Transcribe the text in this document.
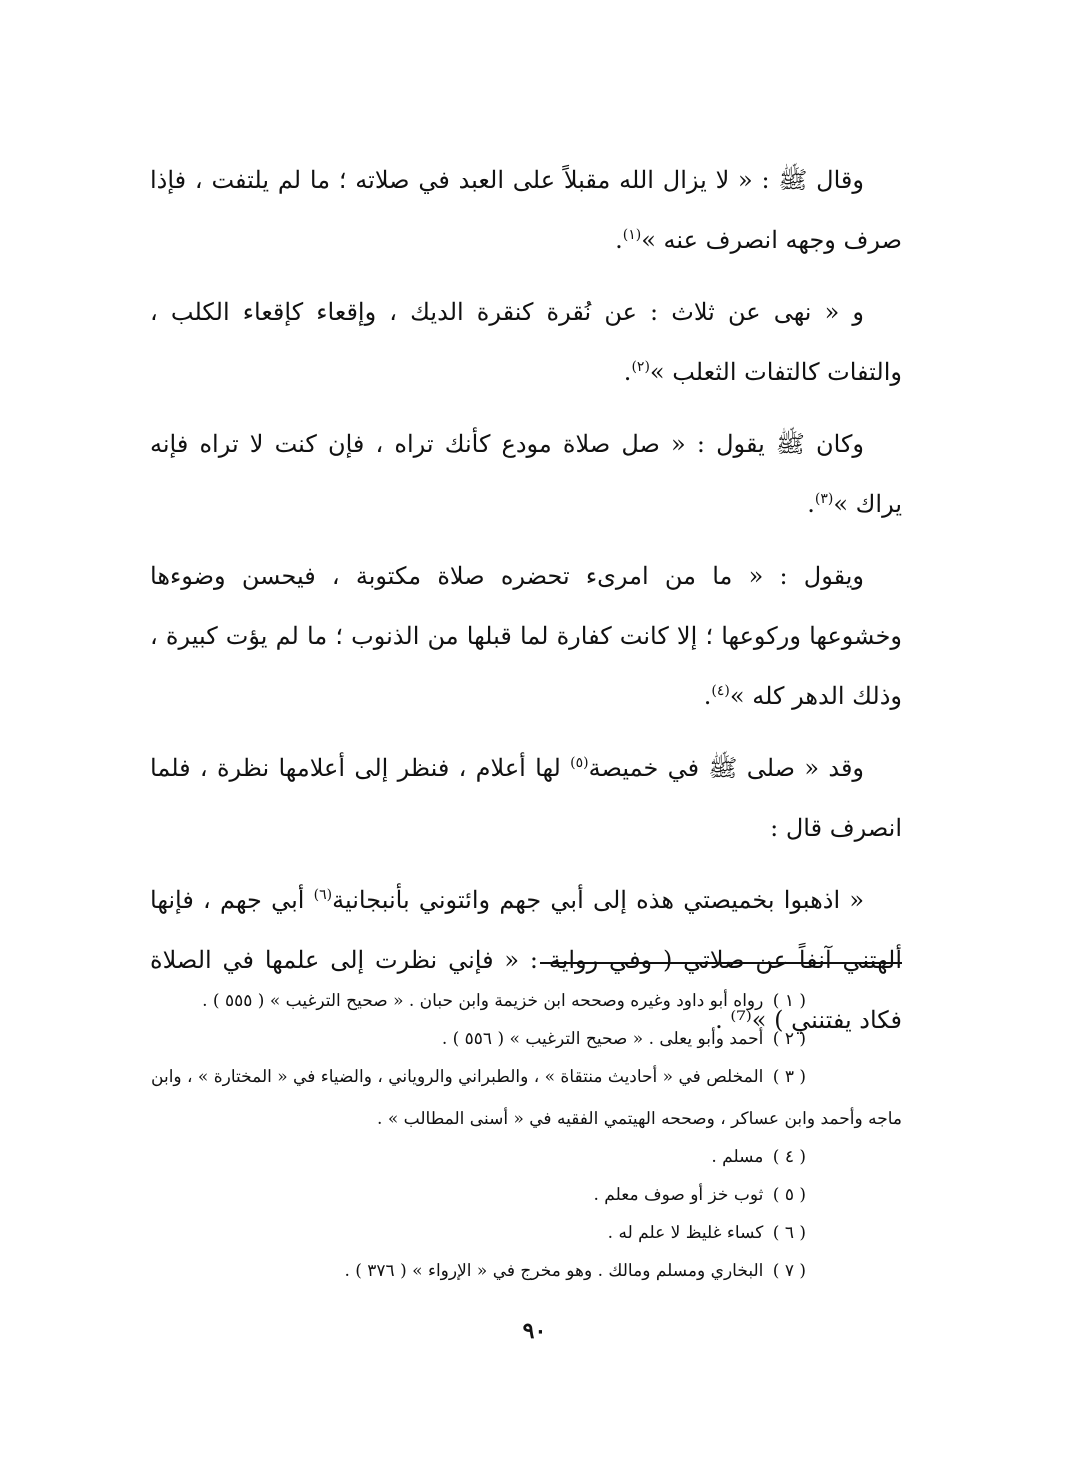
وقال ﷺ : « لا يزال الله مقبلاً على العبد في صلاته ؛ ما لم يلتفت ، فإذا صرف وجهه انصرف عنه »$^{(١)}$.

و « نهى عن ثلاث : عن نُقرة كنقرة الديك ، وإقعاء كإقعاء الكلب ، والتفات كالتفات الثعلب »$^{(٢)}$.

وكان ﷺ يقول : « صل صلاة مودع كأنك تراه ، فإن كنت لا تراه فإنه يراك »$^{(٣)}$.

ويقول : « ما من امرىء تحضره صلاة مكتوبة ، فيحسن وضوءها وخشوعها وركوعها ؛ إلا كانت كفارة لما قبلها من الذنوب ؛ ما لم يؤت كبيرة ، وذلك الدهر كله »$^{(٤)}$.

وقد « صلى ﷺ في خميصة$^{(٥)}$ لها أعلام ، فنظر إلى أعلامها نظرة ، فلما انصرف قال :

« اذهبوا بخميصتي هذه إلى أبي جهم وائتوني بأنبجانية$^{(٦)}$ أبي جهم ، فإنها ألهتني آنفاً عن صلاتي ( وفي رواية : « فإني نظرت إلى علمها في الصلاة فكاد يفتنني ) »⁽⁷⁾ .

( ١ ) رواه أبو داود وغيره وصححه ابن خزيمة وابن حبان . « صحيح الترغيب » ( ٥٥٥ ) .

( ٢ ) أحمد وأبو يعلى . « صحيح الترغيب » ( ٥٥٦ ) .

( ٣ ) المخلص في « أحاديث منتقاة » ، والطبراني والروياني ، والضياء في « المختارة » ، وابن

ماجه وأحمد وابن عساكر ، وصححه الهيتمي الفقيه في « أسنى المطالب » .

( ٤ ) مسلم .

( ٥ ) ثوب خز أو صوف معلم .

( ٦ ) كساء غليظ لا علم له .

( ٧ ) البخاري ومسلم ومالك . وهو مخرج في « الإرواء » ( ٣٧٦ ) .

٩٠
